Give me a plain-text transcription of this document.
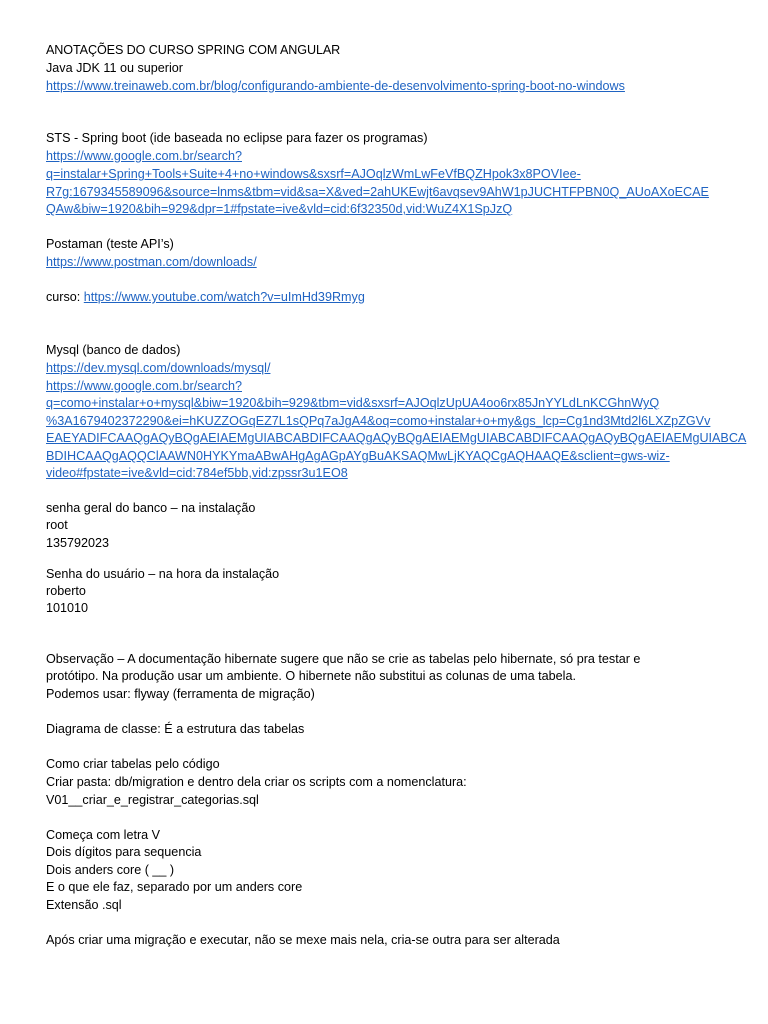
ANOTAÇÕES DO CURSO SPRING COM ANGULAR
Java JDK 11 ou superior
https://www.treinaweb.com.br/blog/configurando-ambiente-de-desenvolvimento-spring-boot-no-windows
STS - Spring boot (ide baseada no eclipse para fazer os programas)
https://www.google.com.br/search?
q=instalar+Spring+Tools+Suite+4+no+windows&sxsrf=AJOqlzWmLwFeVfBQZHpok3x8POVIee-
R7g:1679345589096&source=lnms&tbm=vid&sa=X&ved=2ahUKEwjt6avqsev9AhW1pJUCHTFPBN0Q_AUoAXoECAE
QAw&biw=1920&bih=929&dpr=1#fpstate=ive&vld=cid:6f32350d,vid:WuZ4X1SpJzQ
Postaman (teste API’s)
https://www.postman.com/downloads/
curso: https://www.youtube.com/watch?v=uImHd39Rmyg
Mysql (banco de dados)
https://dev.mysql.com/downloads/mysql/
https://www.google.com.br/search?
q=como+instalar+o+mysql&biw=1920&bih=929&tbm=vid&sxsrf=AJOqlzUpUA4oo6rx85JnYYLdLnKCGhnWyQ
%3A1679402372290&ei=hKUZZOGqEZ7L1sQPq7aJgA4&oq=como+instalar+o+my&gs_lcp=Cg1nd3Mtd2l6LXZpZGVv
EAEYADIFCAAQgAQyBQgAEIAEMgUIABCABDIFCAAQgAQyBQgAEIAEMgUIABCABDIFCAAQgAQyBQgAEIAEMgUIABCA
BDIHCAAQgAQQClAAWN0HYKYmaABwAHgAgAGpAYgBuAKSAQMwLjKYAQCgAQHAAQE&sclient=gws-wiz-
video#fpstate=ive&vld=cid:784ef5bb,vid:zpssr3u1EO8
senha geral do banco – na instalação
root
135792023
Senha do usuário – na hora da instalação
roberto
101010
Observação – A documentação hibernate sugere que não se crie as tabelas pelo hibernate, só pra testar e
protótipo. Na produção usar um ambiente. O hibernete não substitui as colunas de uma tabela.
Podemos usar: flyway (ferramenta de migração)
Diagrama de classe: É a estrutura das tabelas
Como criar tabelas pelo código
Criar pasta: db/migration e dentro dela criar os scripts com a nomenclatura:
V01__criar_e_registrar_categorias.sql
Começa com letra V
Dois dígitos para sequencia
Dois anders core ( __ )
E o que ele faz, separado por um anders core
Extensão .sql
Após criar uma migração e executar, não se mexe mais nela, cria-se outra para ser alterada
